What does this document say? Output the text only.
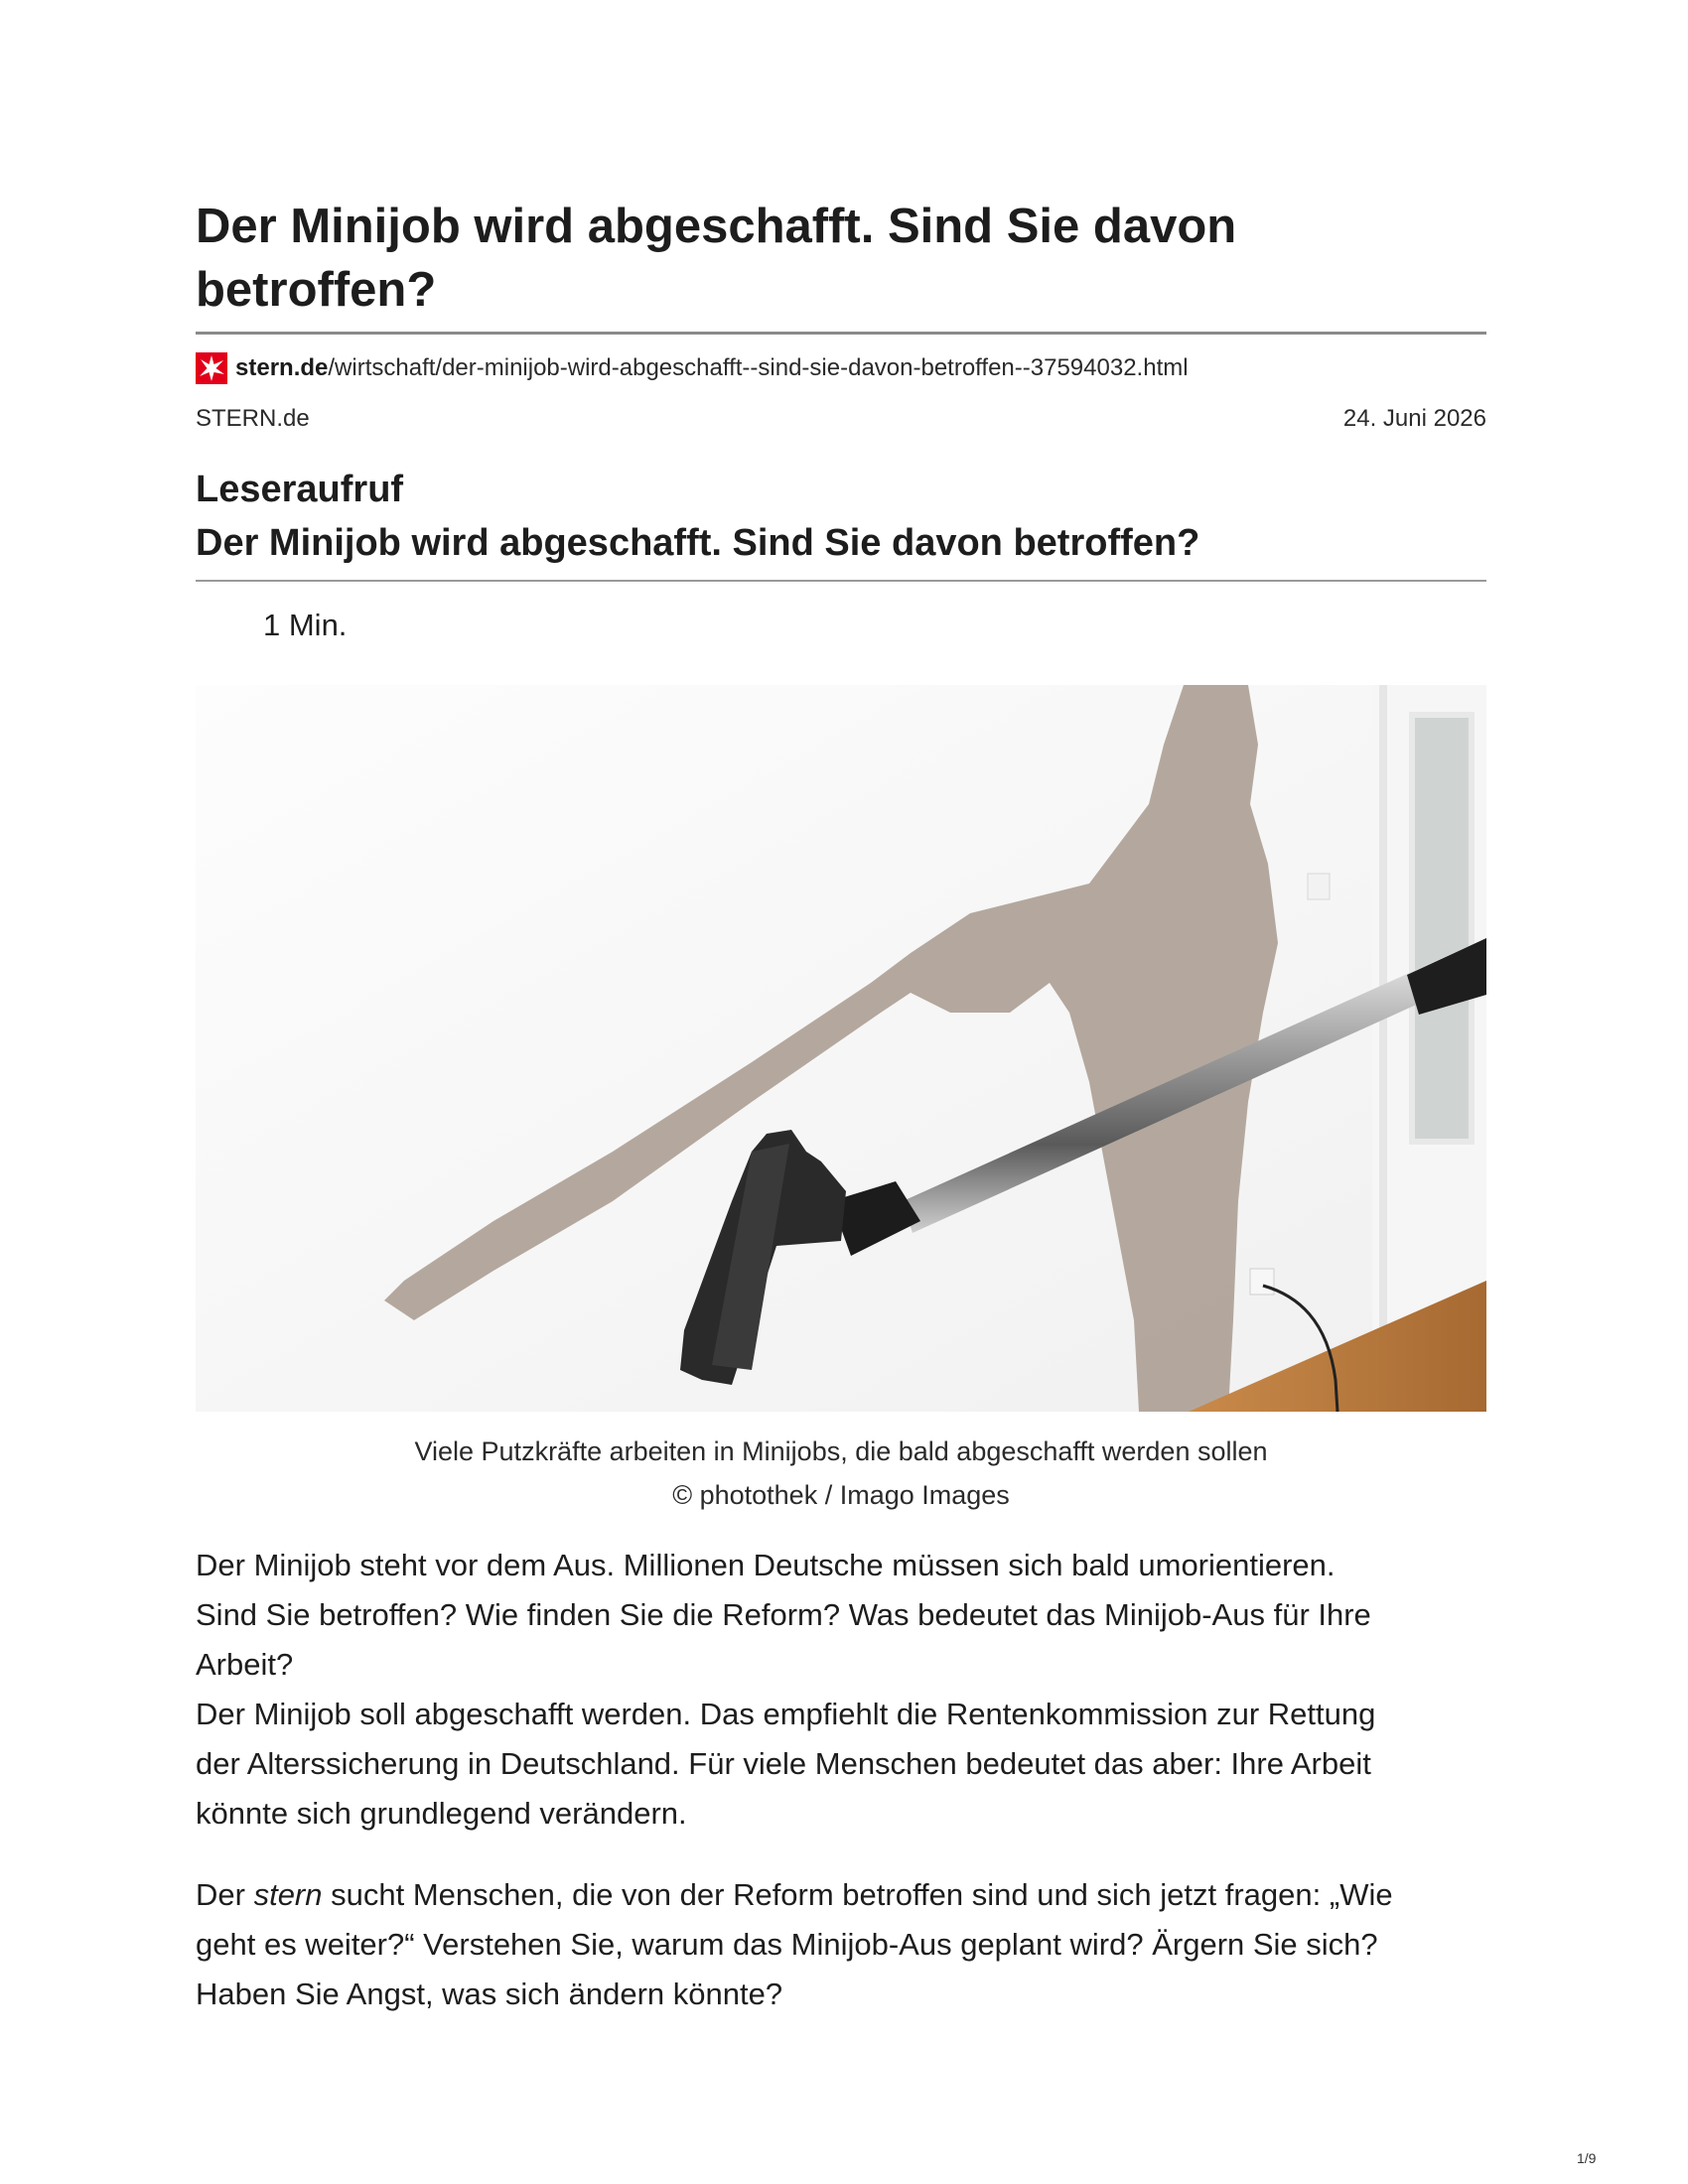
Der Minijob wird abgeschafft. Sind Sie davon betroffen?
stern.de/wirtschaft/der-minijob-wird-abgeschafft--sind-sie-davon-betroffen--37594032.html
STERN.de	24. Juni 2026
Leseraufruf
Der Minijob wird abgeschafft. Sind Sie davon betroffen?
1 Min.
Viele Putzkräfte arbeiten in Minijobs, die bald abgeschafft werden sollen
© photothek / Imago Images
Der Minijob steht vor dem Aus. Millionen Deutsche müssen sich bald umorientieren.
Sind Sie betroffen? Wie finden Sie die Reform? Was bedeutet das Minijob-Aus für Ihre
Arbeit?
Der Minijob soll abgeschafft werden. Das empfiehlt die Rentenkommission zur Rettung
der Alterssicherung in Deutschland. Für viele Menschen bedeutet das aber: Ihre Arbeit
könnte sich grundlegend verändern.
Der stern sucht Menschen, die von der Reform betroffen sind und sich jetzt fragen: „Wie
geht es weiter?“ Verstehen Sie, warum das Minijob-Aus geplant wird? Ärgern Sie sich?
Haben Sie Angst, was sich ändern könnte?
1/9
